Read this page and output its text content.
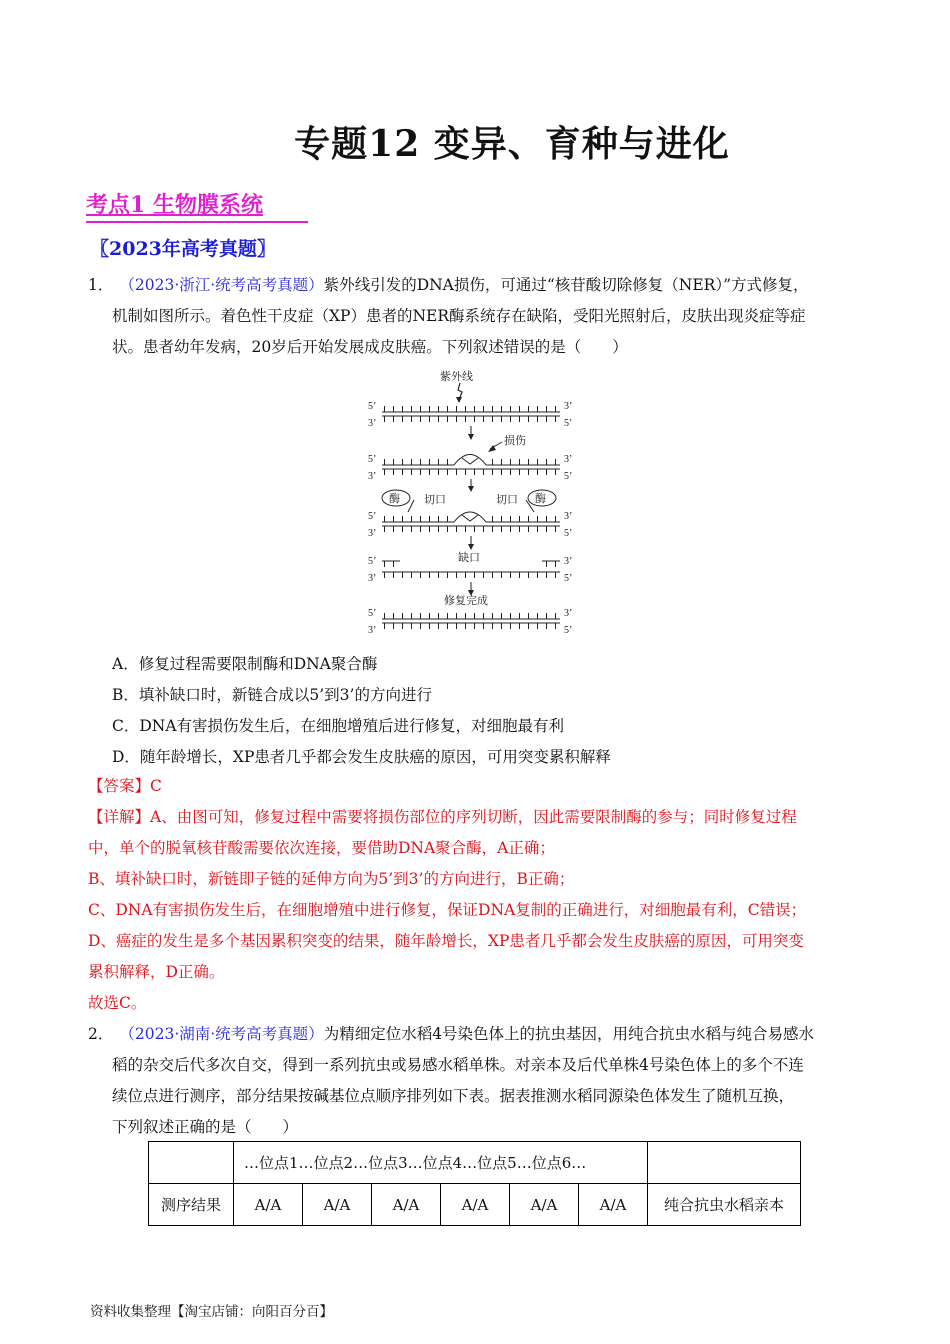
专题12 变异、育种与进化
考点1 生物膜系统
〖2023年高考真题〗
1． （2023·浙江·统考高考真题）紫外线引发的DNA损伤，可通过“核苷酸切除修复（NER）”方式修复，
机制如图所示。着色性干皮症（XP）患者的NER酶系统存在缺陷，受阳光照射后，皮肤出现炎症等症
状。患者幼年发病，20岁后开始发展成皮肤癌。下列叙述错误的是（　　）
紫外线
5’
3’
3’
5’
5’
3’
3’
5’
损伤
酶 切口	酶
切口
5’
3’
3’
5’
5’
3’
3’
5’
缺口
修复完成
5’
3’
3’
5’
A．修复过程需要限制酶和DNA聚合酶
B．填补缺口时，新链合成以5’到3’的方向进行
C．DNA有害损伤发生后，在细胞增殖后进行修复，对细胞最有利
D．随年龄增长，XP患者几乎都会发生皮肤癌的原因，可用突变累积解释
【答案】C
【详解】A、由图可知，修复过程中需要将损伤部位的序列切断，因此需要限制酶的参与；同时修复过程
中，单个的脱氧核苷酸需要依次连接，要借助DNA聚合酶，A正确；
B、填补缺口时，新链即子链的延伸方向为5’到3’的方向进行，B正确；
C、DNA有害损伤发生后，在细胞增殖中进行修复，保证DNA复制的正确进行，对细胞最有利，C错误；
D、癌症的发生是多个基因累积突变的结果，随年龄增长，XP患者几乎都会发生皮肤癌的原因，可用突变
累积解释，D正确。
故选C。
2． （2023·湖南·统考高考真题）为精细定位水稻4号染色体上的抗虫基因，用纯合抗虫水稻与纯合易感水
稻的杂交后代多次自交，得到一系列抗虫或易感水稻单株。对亲本及后代单株4号染色体上的多个不连
续位点进行测序，部分结果按碱基位点顺序排列如下表。据表推测水稻同源染色体发生了随机互换，
下列叙述正确的是（　　）
	…位点1…位点2…位点3…位点4…位点5…位点6…						
测序结果	A/A	A/A	A/A	A/A	A/A	A/A	纯合抗虫水稻亲本
资料收集整理【淘宝店铺：向阳百分百】
